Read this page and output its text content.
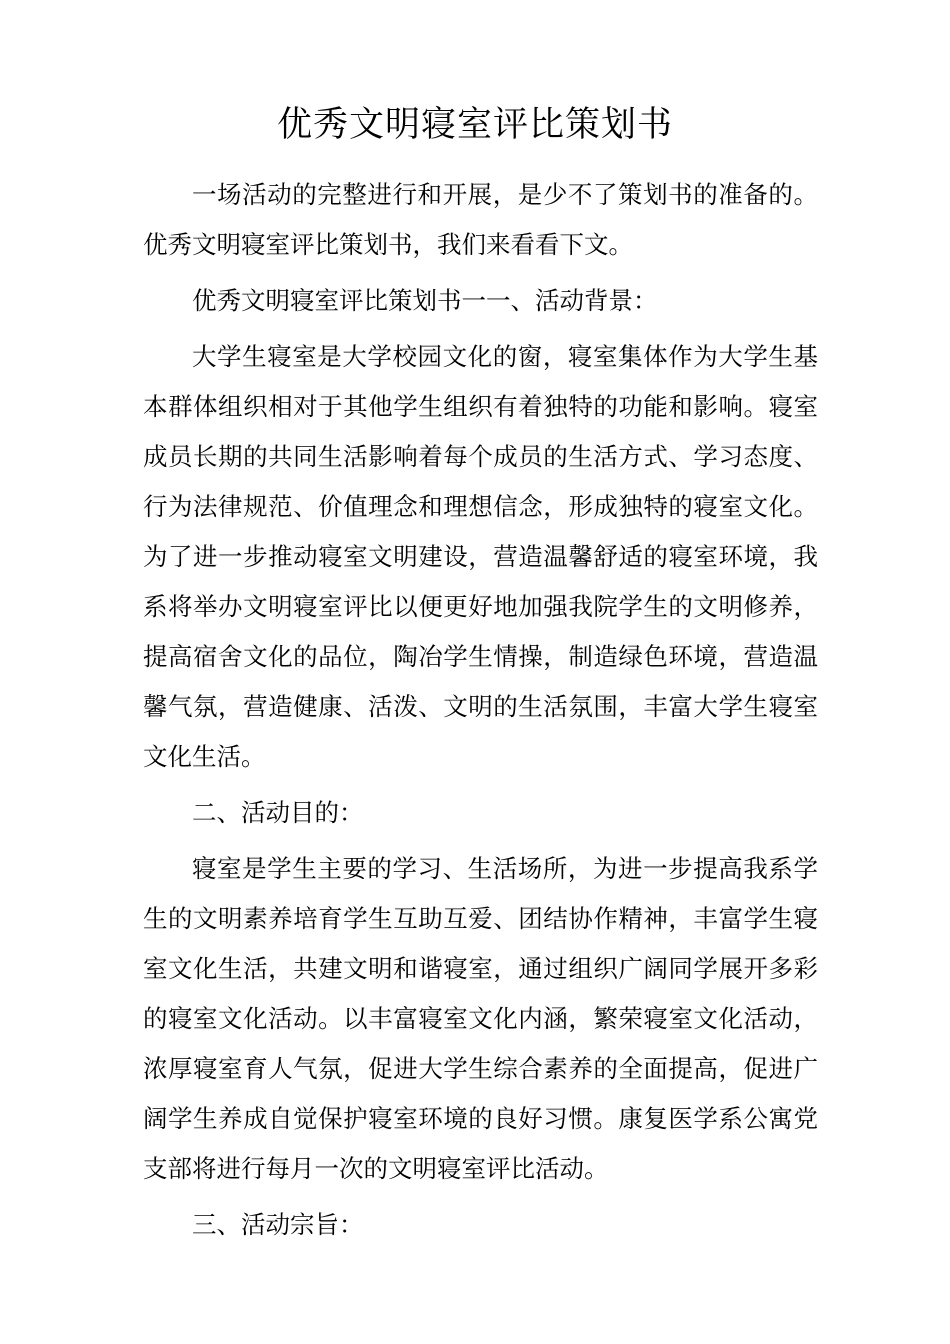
优秀文明寝室评比策划书

一场活动的完整进行和开展，是少不了策划书的准备的。优秀文明寝室评比策划书，我们来看看下文。

优秀文明寝室评比策划书一一、活动背景：

大学生寝室是大学校园文化的窗，寝室集体作为大学生基本群体组织相对于其他学生组织有着独特的功能和影响。寝室成员长期的共同生活影响着每个成员的生活方式、学习态度、行为法律规范、价值理念和理想信念，形成独特的寝室文化。为了进一步推动寝室文明建设，营造温馨舒适的寝室环境，我系将举办文明寝室评比以便更好地加强我院学生的文明修养，提高宿舍文化的品位，陶冶学生情操，制造绿色环境，营造温馨气氛，营造健康、活泼、文明的生活氛围，丰富大学生寝室文化生活。

二、活动目的：

寝室是学生主要的学习、生活场所，为进一步提高我系学生的文明素养培育学生互助互爱、团结协作精神，丰富学生寝室文化生活，共建文明和谐寝室，通过组织广阔同学展开多彩的寝室文化活动。以丰富寝室文化内涵，繁荣寝室文化活动，浓厚寝室育人气氛，促进大学生综合素养的全面提高，促进广阔学生养成自觉保护寝室环境的良好习惯。康复医学系公寓党支部将进行每月一次的文明寝室评比活动。

三、活动宗旨：
